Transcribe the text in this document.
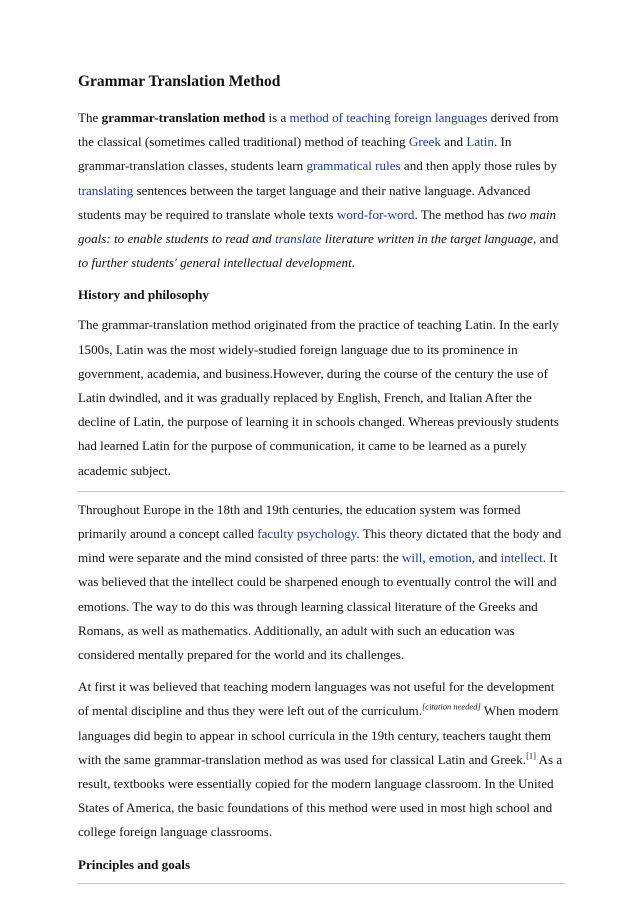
Grammar Translation Method

The grammar-translation method is a method of teaching foreign languages derived from the classical (sometimes called traditional) method of teaching Greek and Latin. In grammar-translation classes, students learn grammatical rules and then apply those rules by translating sentences between the target language and their native language. Advanced students may be required to translate whole texts word-for-word. The method has two main goals: to enable students to read and translate literature written in the target language, and to further students' general intellectual development.

History and philosophy

The grammar-translation method originated from the practice of teaching Latin. In the early 1500s, Latin was the most widely-studied foreign language due to its prominence in government, academia, and business.However, during the course of the century the use of Latin dwindled, and it was gradually replaced by English, French, and Italian After the decline of Latin, the purpose of learning it in schools changed. Whereas previously students had learned Latin for the purpose of communication, it came to be learned as a purely academic subject.

Throughout Europe in the 18th and 19th centuries, the education system was formed primarily around a concept called faculty psychology. This theory dictated that the body and mind were separate and the mind consisted of three parts: the will, emotion, and intellect. It was believed that the intellect could be sharpened enough to eventually control the will and emotions. The way to do this was through learning classical literature of the Greeks and Romans, as well as mathematics. Additionally, an adult with such an education was considered mentally prepared for the world and its challenges.

At first it was believed that teaching modern languages was not useful for the development of mental discipline and thus they were left out of the curriculum.[citation needed] When modern languages did begin to appear in school curricula in the 19th century, teachers taught them with the same grammar-translation method as was used for classical Latin and Greek.[1] As a result, textbooks were essentially copied for the modern language classroom. In the United States of America, the basic foundations of this method were used in most high school and college foreign language classrooms.

Principles and goals
